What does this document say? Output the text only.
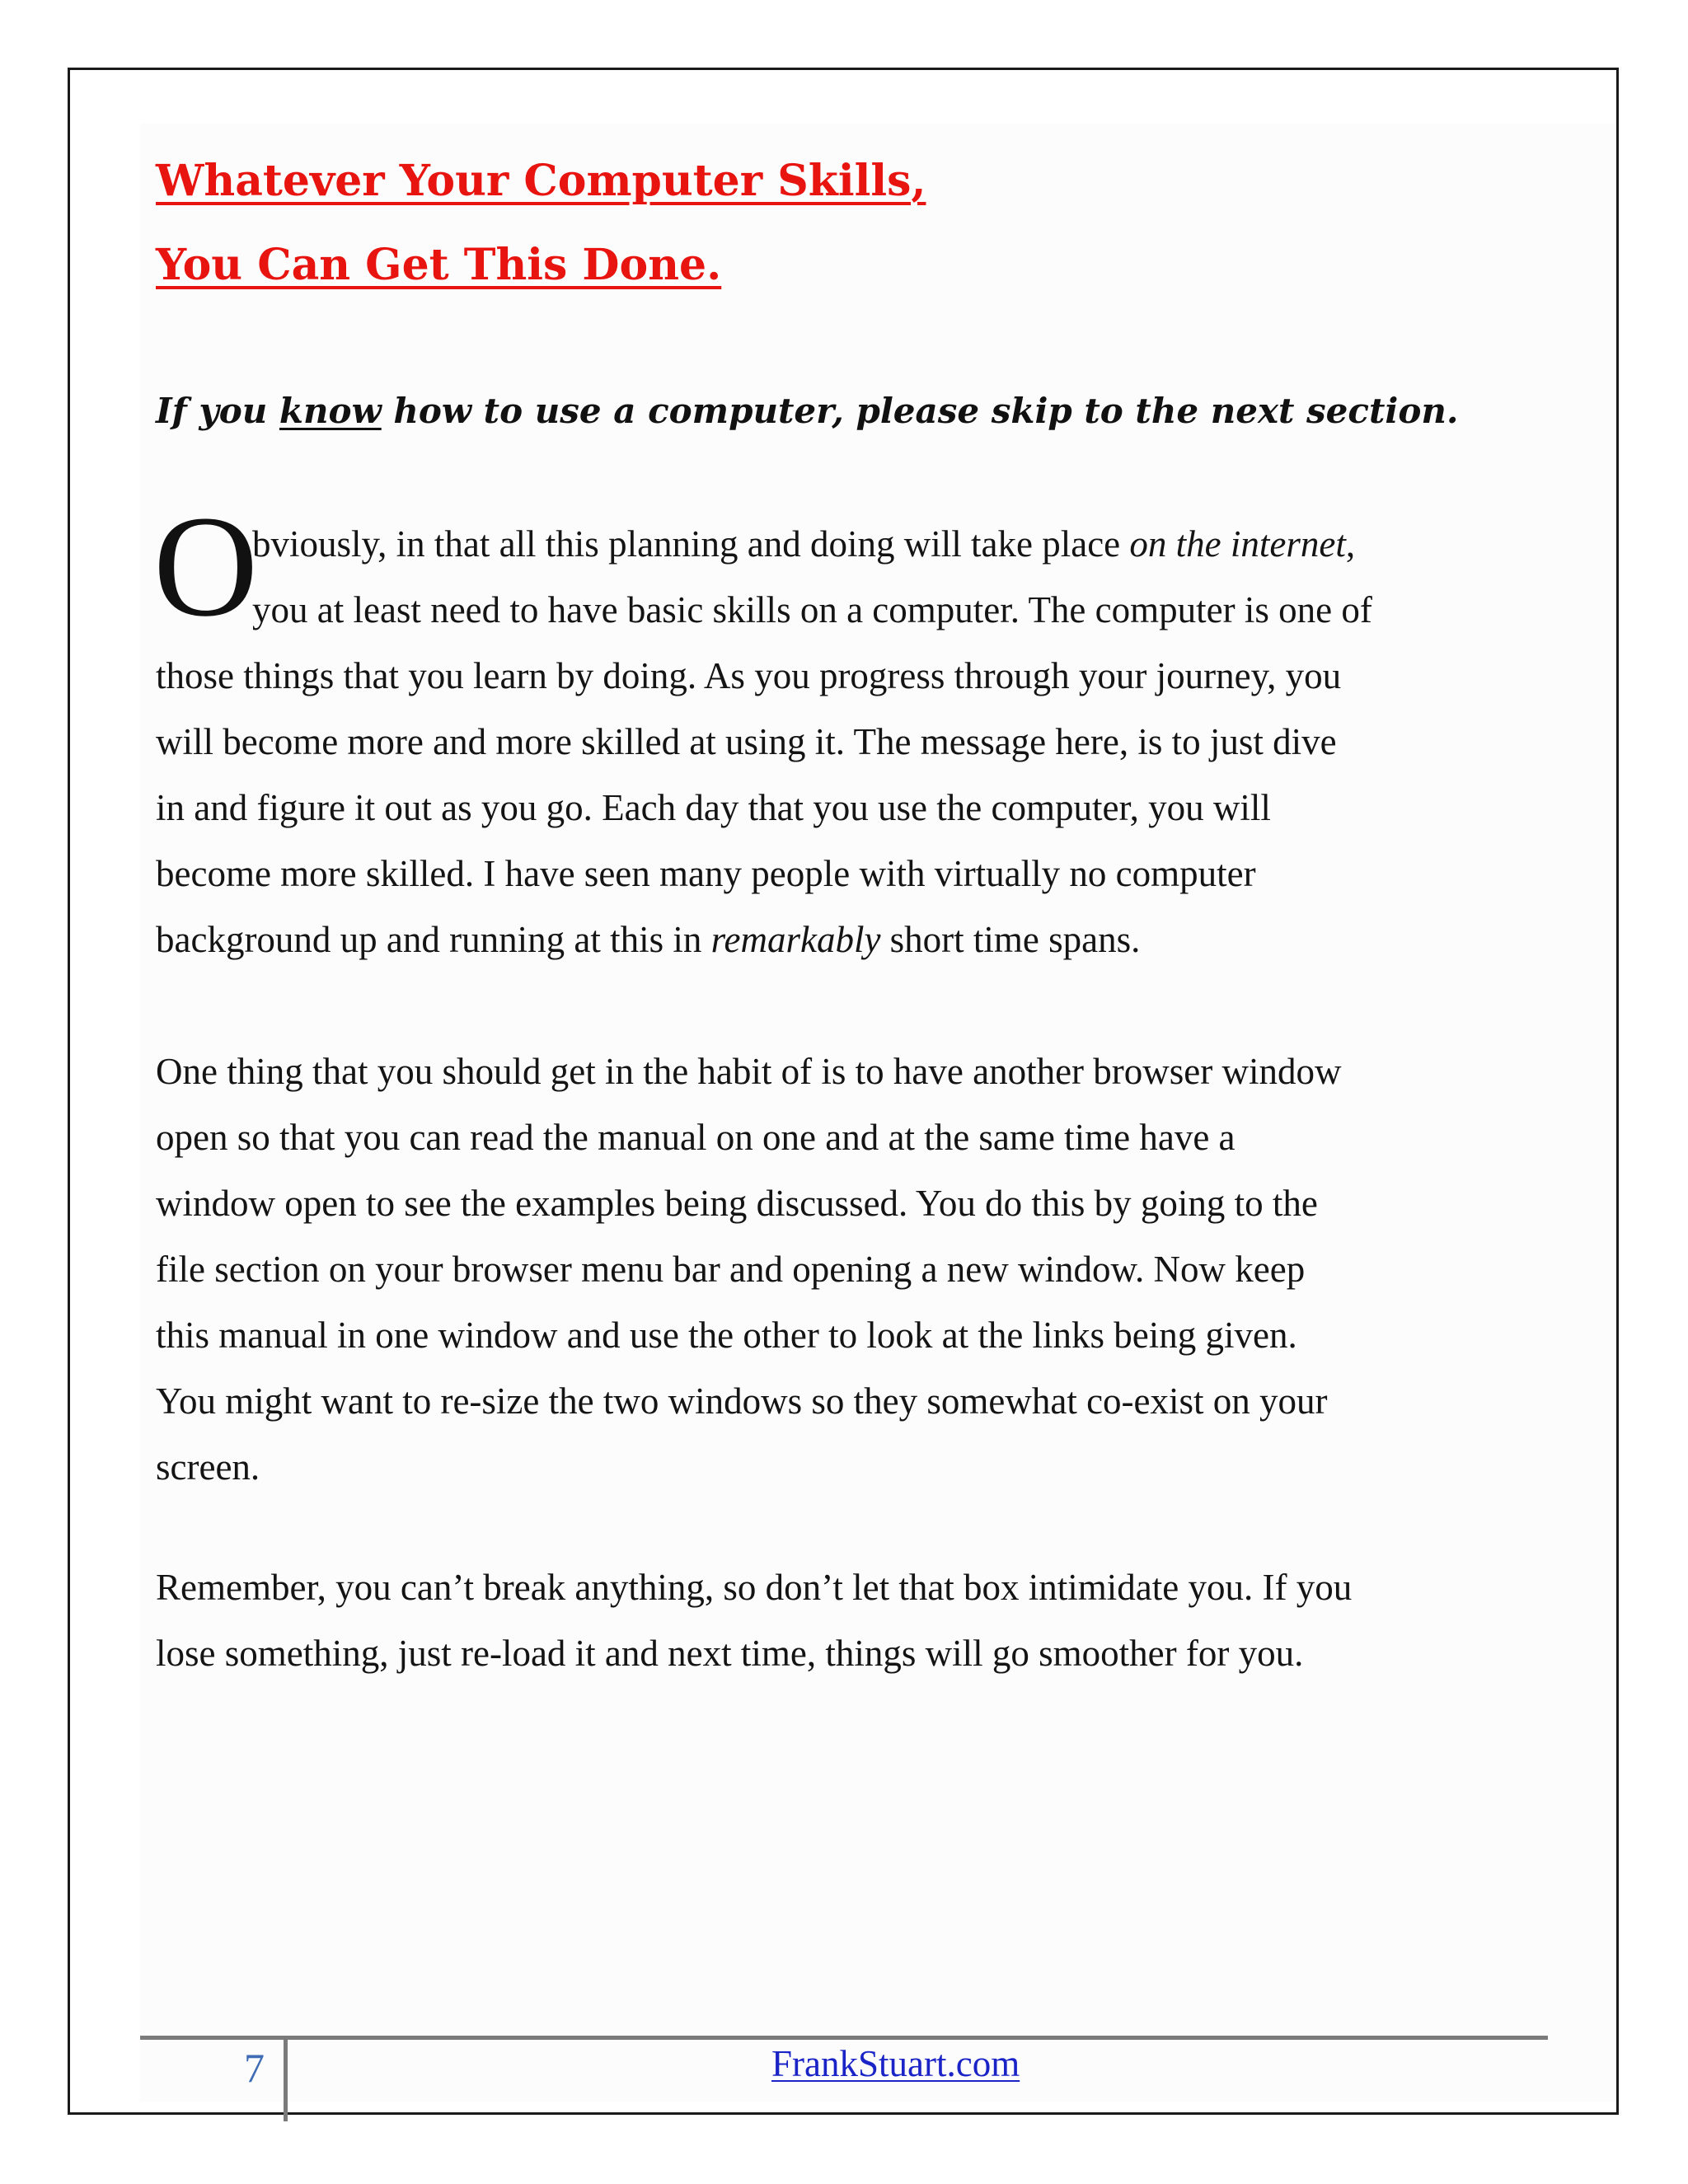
Whatever Your Computer Skills,
You Can Get This Done.
If you know how to use a computer, please skip to the next section.
O
bviously, in that all this planning and doing will take place on the internet,
you at least need to have basic skills on a computer. The computer is one of
those things that you learn by doing. As you progress through your journey, you
will become more and more skilled at using it. The message here, is to just dive
in and figure it out as you go. Each day that you use the computer, you will
become more skilled. I have seen many people with virtually no computer
background up and running at this in remarkably short time spans.
One thing that you should get in the habit of is to have another browser window
open so that you can read the manual on one and at the same time have a
window open to see the examples being discussed. You do this by going to the
file section on your browser menu bar and opening a new window. Now keep
this manual in one window and use the other to look at the links being given.
You might want to re-size the two windows so they somewhat co-exist on your
screen.
Remember, you can’t break anything, so don’t let that box intimidate you. If you
lose something, just re-load it and next time, things will go smoother for you.
7	FrankStuart.com
